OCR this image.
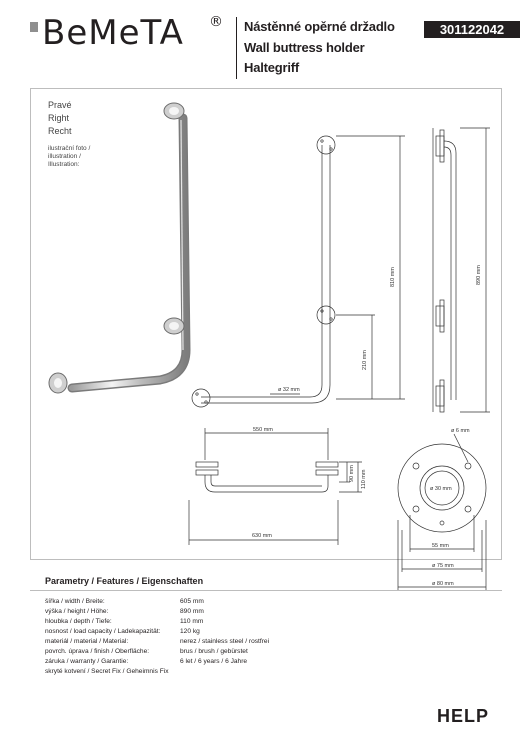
BeMeTA ® Nástěnné opěrné držadlo
Wall buttress holder
Haltegriff
301122042
Pravé
Right
Recht
ilustrační foto /
illustration /
Illustration:
810 mm
210 mm
ø 32 mm
890 mm
550 mm
630 mm
90 mm 110 mm
ø 6 mm
ø 30 mm
55 mm
ø 75 mm
ø 80 mm
Parametry / Features / Eigenschaften
šířka / width / Breite:	605 mm
výška / height / Höhe:	890 mm
hloubka / depth / Tiefe:	110 mm
nosnost / load capacity / Ladekapazität:	120 kg
materiál / material / Material:	nerez / stainless steel / rostfrei
povrch. úprava / finish / Oberfläche:	brus / brush / gebürstet
záruka / warranty / Garantie:	6 let / 6 years / 6 Jahre
skryté kotvení / Secret Fix / Geheimnis Fix
HELP
